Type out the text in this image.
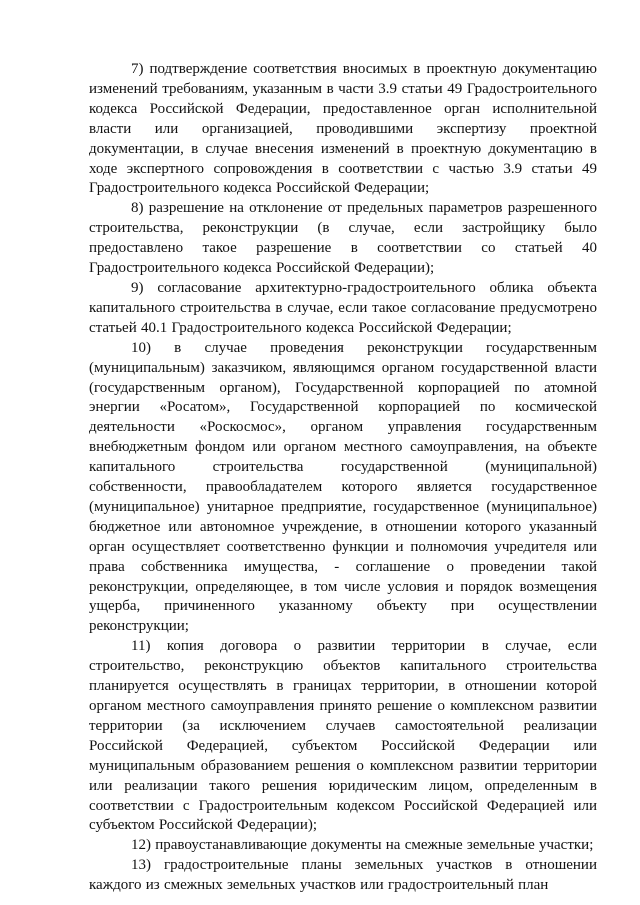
7) подтверждение соответствия вносимых в проектную документацию изменений требованиям, указанным в части 3.9 статьи 49 Градостроительного кодекса Российской Федерации, предоставленное орган исполнительной власти или организацией, проводившими экспертизу проектной документации, в случае внесения изменений в проектную документацию в ходе экспертного сопровождения в соответствии с частью 3.9 статьи 49 Градостроительного кодекса Российской Федерации;

8) разрешение на отклонение от предельных параметров разрешенного строительства, реконструкции (в случае, если застройщику было предоставлено такое разрешение в соответствии со статьей 40 Градостроительного кодекса Российской Федерации);

9) согласование архитектурно-градостроительного облика объекта капитального строительства в случае, если такое согласование предусмотрено статьей 40.1 Градостроительного кодекса Российской Федерации;

10) в случае проведения реконструкции государственным (муниципальным) заказчиком, являющимся органом государственной власти (государственным органом), Государственной корпорацией по атомной энергии «Росатом», Государственной корпорацией по космической деятельности «Роскосмос», органом управления государственным внебюджетным фондом или органом местного самоуправления, на объекте капитального строительства государственной (муниципальной) собственности, правообладателем которого является государственное (муниципальное) унитарное предприятие, государственное (муниципальное) бюджетное или автономное учреждение, в отношении которого указанный орган осуществляет соответственно функции и полномочия учредителя или права собственника имущества, - соглашение о проведении такой реконструкции, определяющее, в том числе условия и порядок возмещения ущерба, причиненного указанному объекту при осуществлении реконструкции;

11) копия договора о развитии территории в случае, если строительство, реконструкцию объектов капитального строительства планируется осуществлять в границах территории, в отношении которой органом местного самоуправления принято решение о комплексном развитии территории (за исключением случаев самостоятельной реализации Российской Федерацией, субъектом Российской Федерации или муниципальным образованием решения о комплексном развитии территории или реализации такого решения юридическим лицом, определенным в соответствии с Градостроительным кодексом Российской Федерацией или субъектом Российской Федерации);

12) правоустанавливающие документы на смежные земельные участки;

13) градостроительные планы земельных участков в отношении каждого из смежных земельных участков или градостроительный план
